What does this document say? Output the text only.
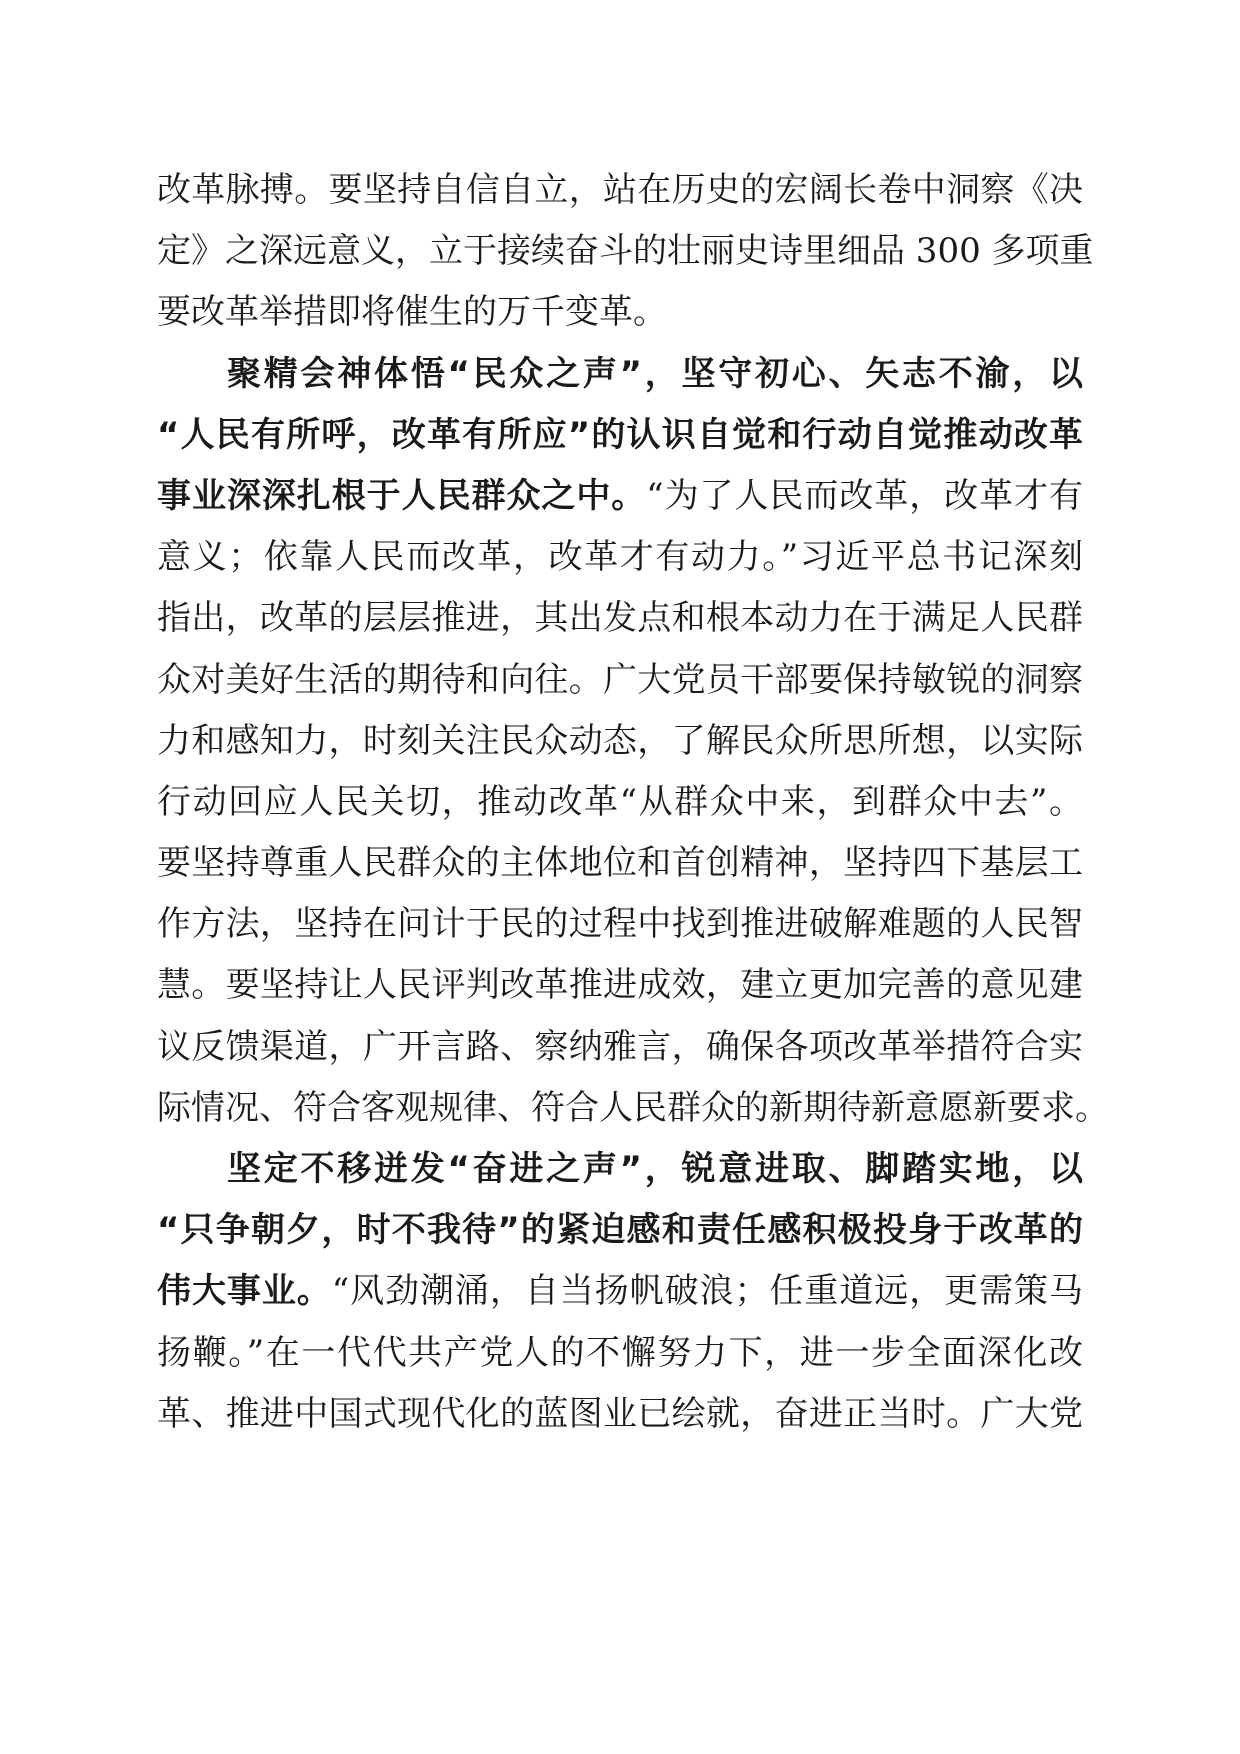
改革脉搏。要坚持自信自立，站在历史的宏阔长卷中洞察《决
定》之深远意义，立于接续奋斗的壮丽史诗里细品 300 多项重
要改革举措即将催生的万千变革。
聚精会神体悟“民众之声”，坚守初心、矢志不渝，以
“人民有所呼，改革有所应”的认识自觉和行动自觉推动改革
事业深深扎根于人民群众之中。“为了人民而改革，改革才有
意义；依靠人民而改革，改革才有动力。”习近平总书记深刻
指出，改革的层层推进，其出发点和根本动力在于满足人民群
众对美好生活的期待和向往。广大党员干部要保持敏锐的洞察
力和感知力，时刻关注民众动态，了解民众所思所想，以实际
行动回应人民关切，推动改革“从群众中来，到群众中去”。
要坚持尊重人民群众的主体地位和首创精神，坚持四下基层工
作方法，坚持在问计于民的过程中找到推进破解难题的人民智
慧。要坚持让人民评判改革推进成效，建立更加完善的意见建
议反馈渠道，广开言路、察纳雅言，确保各项改革举措符合实
际情况、符合客观规律、符合人民群众的新期待新意愿新要求。
坚定不移迸发“奋进之声”，锐意进取、脚踏实地，以
“只争朝夕，时不我待”的紧迫感和责任感积极投身于改革的
伟大事业。“风劲潮涌，自当扬帆破浪；任重道远，更需策马
扬鞭。”在一代代共产党人的不懈努力下，进一步全面深化改
革、推进中国式现代化的蓝图业已绘就，奋进正当时。广大党
